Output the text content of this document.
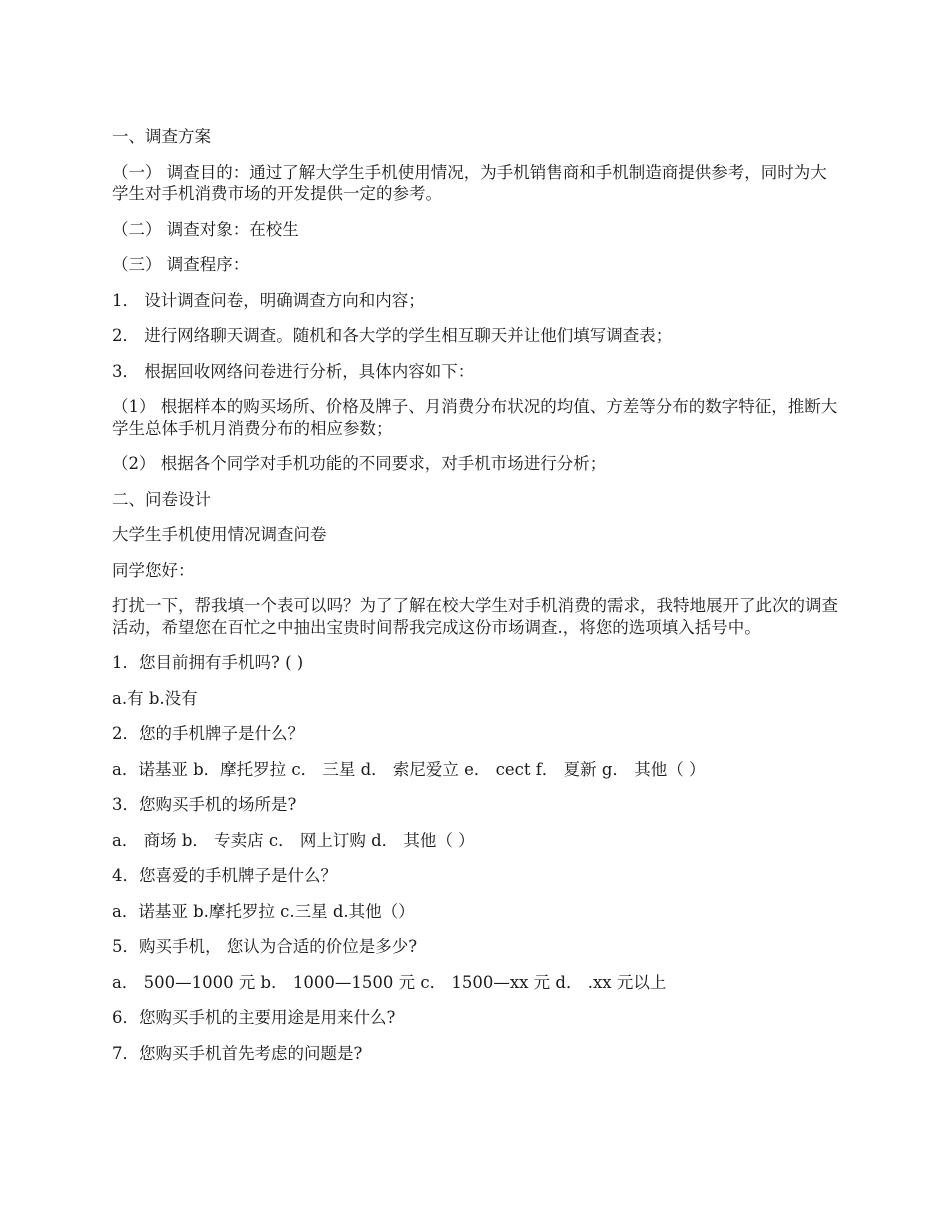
一、调查方案

（一） 调查目的：通过了解大学生手机使用情况，为手机销售商和手机制造商提供参考，同时为大学生对手机消费市场的开发提供一定的参考。

（二） 调查对象：在校生

（三） 调查程序：

1． 设计调查问卷，明确调查方向和内容；

2． 进行网络聊天调查。随机和各大学的学生相互聊天并让他们填写调查表；

3． 根据回收网络问卷进行分析，具体内容如下：

（1） 根据样本的购买场所、价格及牌子、月消费分布状况的均值、方差等分布的数字特征，推断大学生总体手机月消费分布的相应参数；

（2） 根据各个同学对手机功能的不同要求，对手机市场进行分析；

二、问卷设计

大学生手机使用情况调查问卷

同学您好：

打扰一下，帮我填一个表可以吗？为了了解在校大学生对手机消费的需求，我特地展开了此次的调查活动，希望您在百忙之中抽出宝贵时间帮我完成这份市场调查.，将您的选项填入括号中。

1．您目前拥有手机吗? ( )

a.有 b.没有

2．您的手机牌子是什么？

a．诺基亚 b．摩托罗拉 c． 三星 d． 索尼爱立 e． cect f． 夏新 g． 其他（ ）

3．您购买手机的场所是?

a． 商场 b． 专卖店 c． 网上订购 d． 其他（ ）

4．您喜爱的手机牌子是什么？

a．诺基亚 b.摩托罗拉 c.三星 d.其他（）

5．购买手机， 您认为合适的价位是多少?

a． 500—1000 元 b． 1000—1500 元 c． 1500—xx 元 d． .xx 元以上

6．您购买手机的主要用途是用来什么?

7．您购买手机首先考虑的问题是?
